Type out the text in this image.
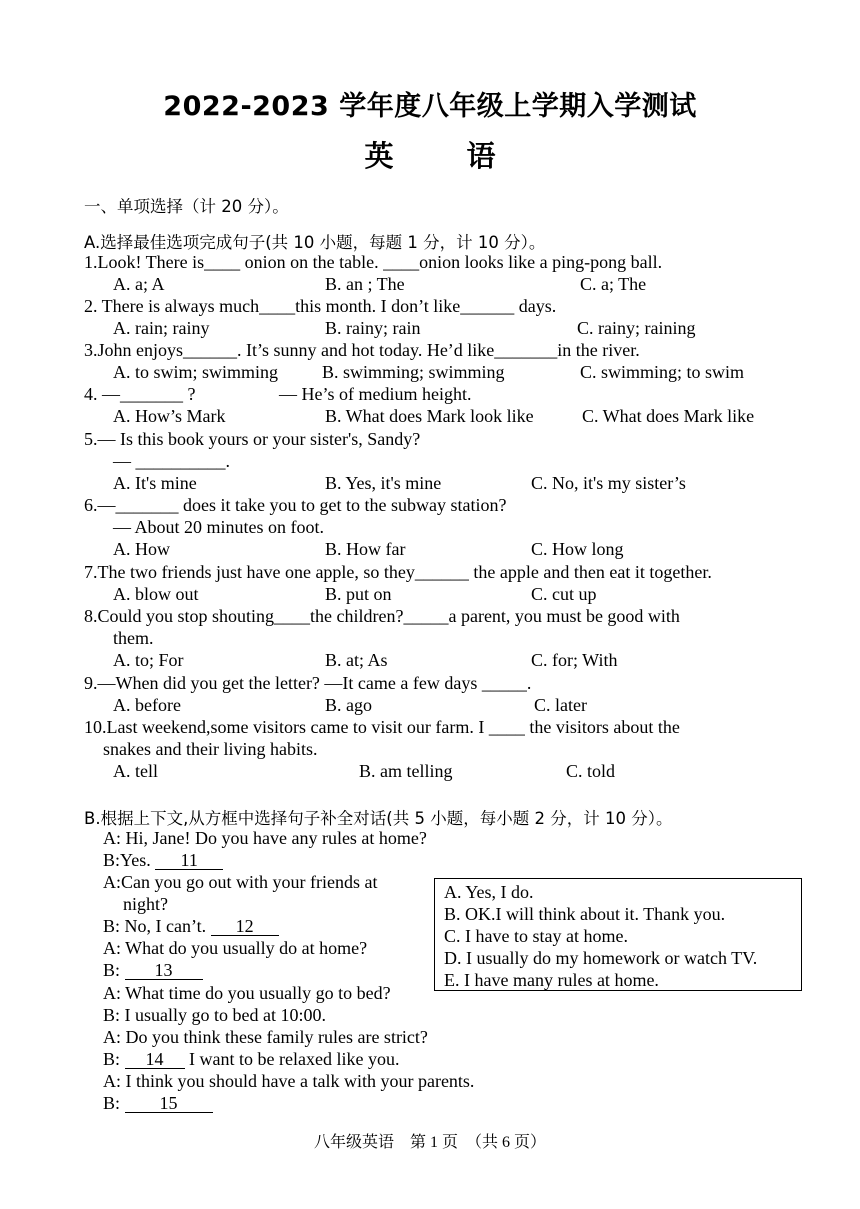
2022-2023 学年度八年级上学期入学测试
英　语
一、单项选择（计 20 分）。
A.选择最佳选项完成句子(共 10 小题，每题 1 分，计 10 分）。
1.Look! There is____ onion on the table. ____onion looks like a ping-pong ball.
A. a; A	B. an ; The	C. a; The
2. There is always much____this month. I don’t like______ days.
A. rain; rainy	B. rainy; rain	C. rainy; raining
3.John enjoys______. It’s sunny and hot today. He’d like_______in the river.
A. to swim; swimming B. swimming; swimming	C. swimming; to swim
4. —_______ ?	— He’s of medium height.
A. How’s Mark	B. What does Mark look like	C. What does Mark like
5.— Is this book yours or your sister's, Sandy?
— __________.
A. It's mine	B. Yes, it's mine	C. No, it's my sister’s
6.—_______ does it take you to get to the subway station?
— About 20 minutes on foot.
A. How	B. How far	C. How long
7.The two friends just have one apple, so they______ the apple and then eat it together.
A. blow out	B. put on	C. cut up
8.Could you stop shouting____the children?_____a parent, you must be good with
them.
A. to; For	B. at; As	C. for; With
9.—When did you get the letter? —It came a few days _____.
A. before	B. ago	C. later
10.Last weekend,some visitors came to visit our farm. I ____ the visitors about the
snakes and their living habits.
A. tell	B. am telling	C. told
B.根据上下文,从方框中选择句子补全对话(共 5 小题，每小题 2 分，计 10 分）。
A: Hi, Jane! Do you have any rules at home?
B:Yes. 11
A:Can you go out with your friends at
night?
B: No, I can’t. 12
A: What do you usually do at home?
B: 13
A: What time do you usually go to bed?
B: I usually go to bed at 10:00.
A: Do you think these family rules are strict?
B: 14 I want to be relaxed like you.
A: I think you should have a talk with your parents.
B: 15
A. Yes, I do.
B. OK.I will think about it. Thank you.
C. I have to stay at home.
D. I usually do my homework or watch TV.
E. I have many rules at home.
八年级英语　第 1 页　（共 6 页）
